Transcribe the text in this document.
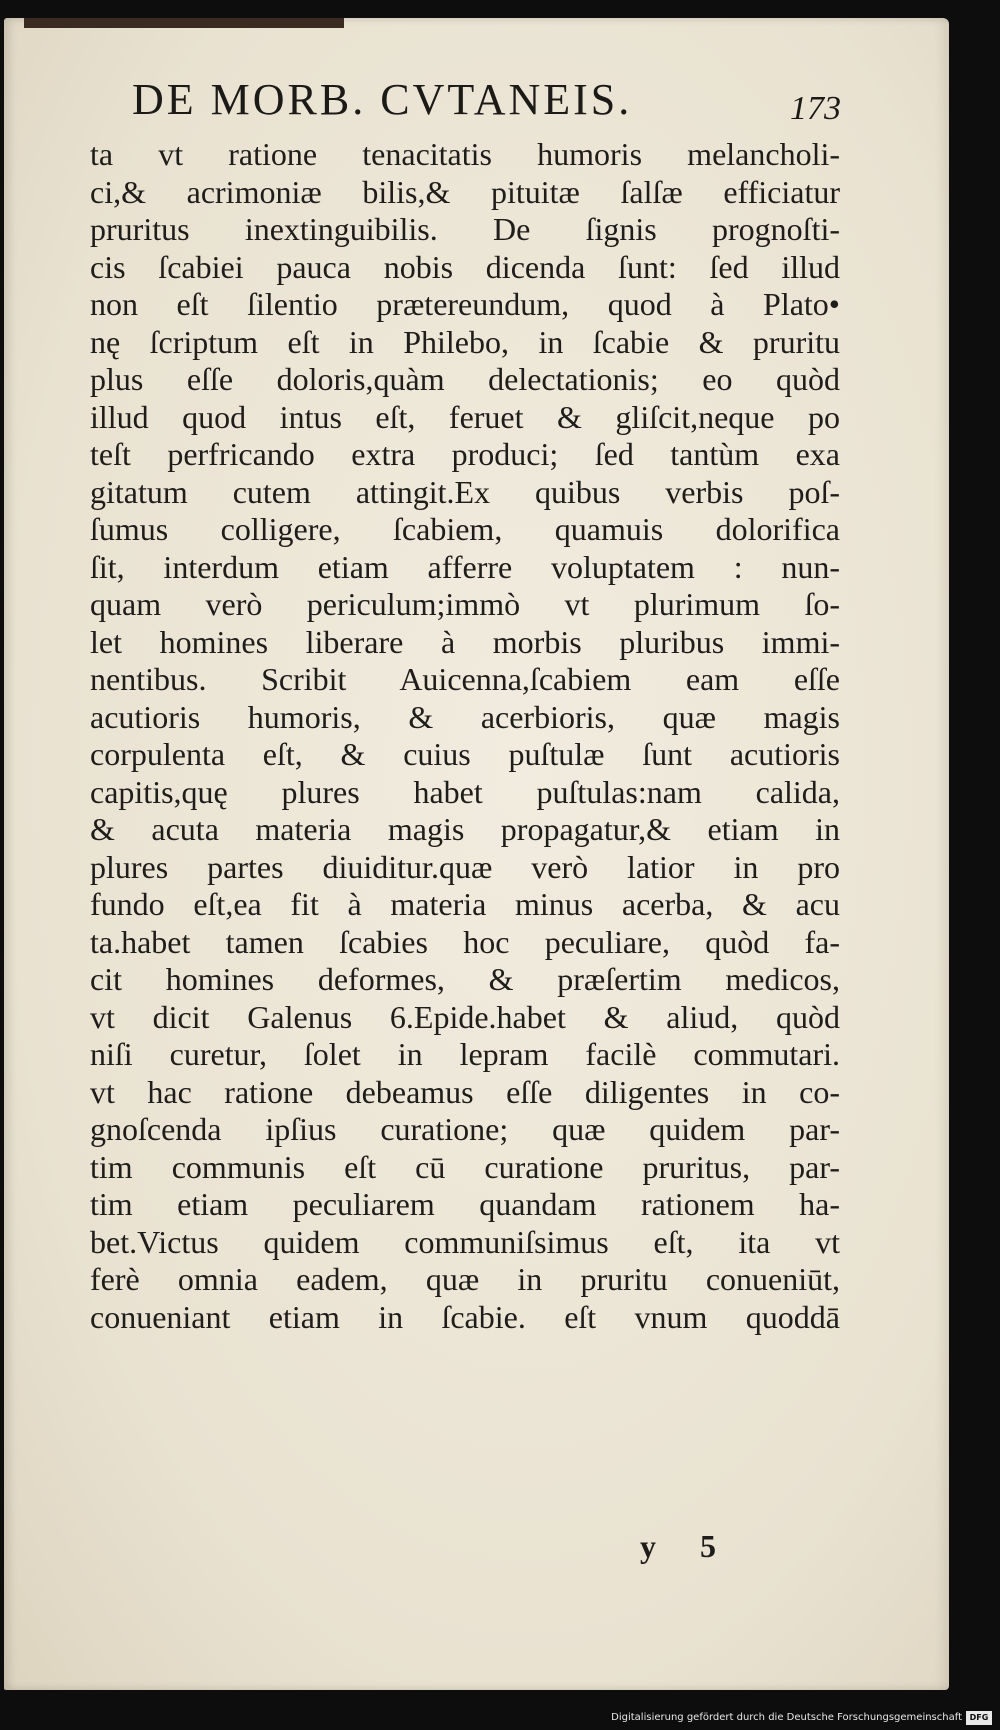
DE MORB. CVTANEIS.	173
ta vt ratione tenacitatis humoris melancholi-
ci,& acrimoniæ bilis,& pituitæ ſalſæ efficiatur
pruritus inextinguibilis. De ſignis prognoſti-
cis ſcabiei pauca nobis dicenda ſunt: ſed illud
non eſt ſilentio prætereundum, quod à Plato•
nę ſcriptum eſt in Philebo, in ſcabie & pruritu
plus eſſe doloris,quàm delectationis; eo quòd
illud quod intus eſt, feruet & gliſcit,neque po
teſt perfricando extra produci; ſed tantùm exa
gitatum cutem attingit.Ex quibus verbis poſ-
ſumus colligere, ſcabiem, quamuis dolorifica
ſit, interdum etiam afferre voluptatem : nun-
quam verò periculum;immò vt plurimum ſo-
let homines liberare à morbis pluribus immi-
nentibus. Scribit Auicenna,ſcabiem eam eſſe
acutioris humoris, & acerbioris, quæ magis
corpulenta eſt, & cuius puſtulæ ſunt acutioris
capitis,quę plures habet puſtulas:nam calida,
& acuta materia magis propagatur,& etiam in
plures partes diuiditur.quæ verò latior in pro
fundo eſt,ea fit à materia minus acerba, & acu
ta.habet tamen ſcabies hoc peculiare, quòd fa-
cit homines deformes, & præſertim medicos,
vt dicit Galenus 6.Epide.habet & aliud, quòd
niſi curetur, ſolet in lepram facilè commutari.
vt hac ratione debeamus eſſe diligentes in co-
gnoſcenda ipſius curatione; quæ quidem par-
tim communis eſt cū curatione pruritus, par-
tim etiam peculiarem quandam rationem ha-
bet.Victus quidem communiſsimus eſt, ita vt
ferè omnia eadem, quæ in pruritu conueniūt,
conueniant etiam in ſcabie. eſt vnum quoddā
y 5
Digitalisierung gefördert durch die Deutsche Forschungsgemeinschaft DFG
